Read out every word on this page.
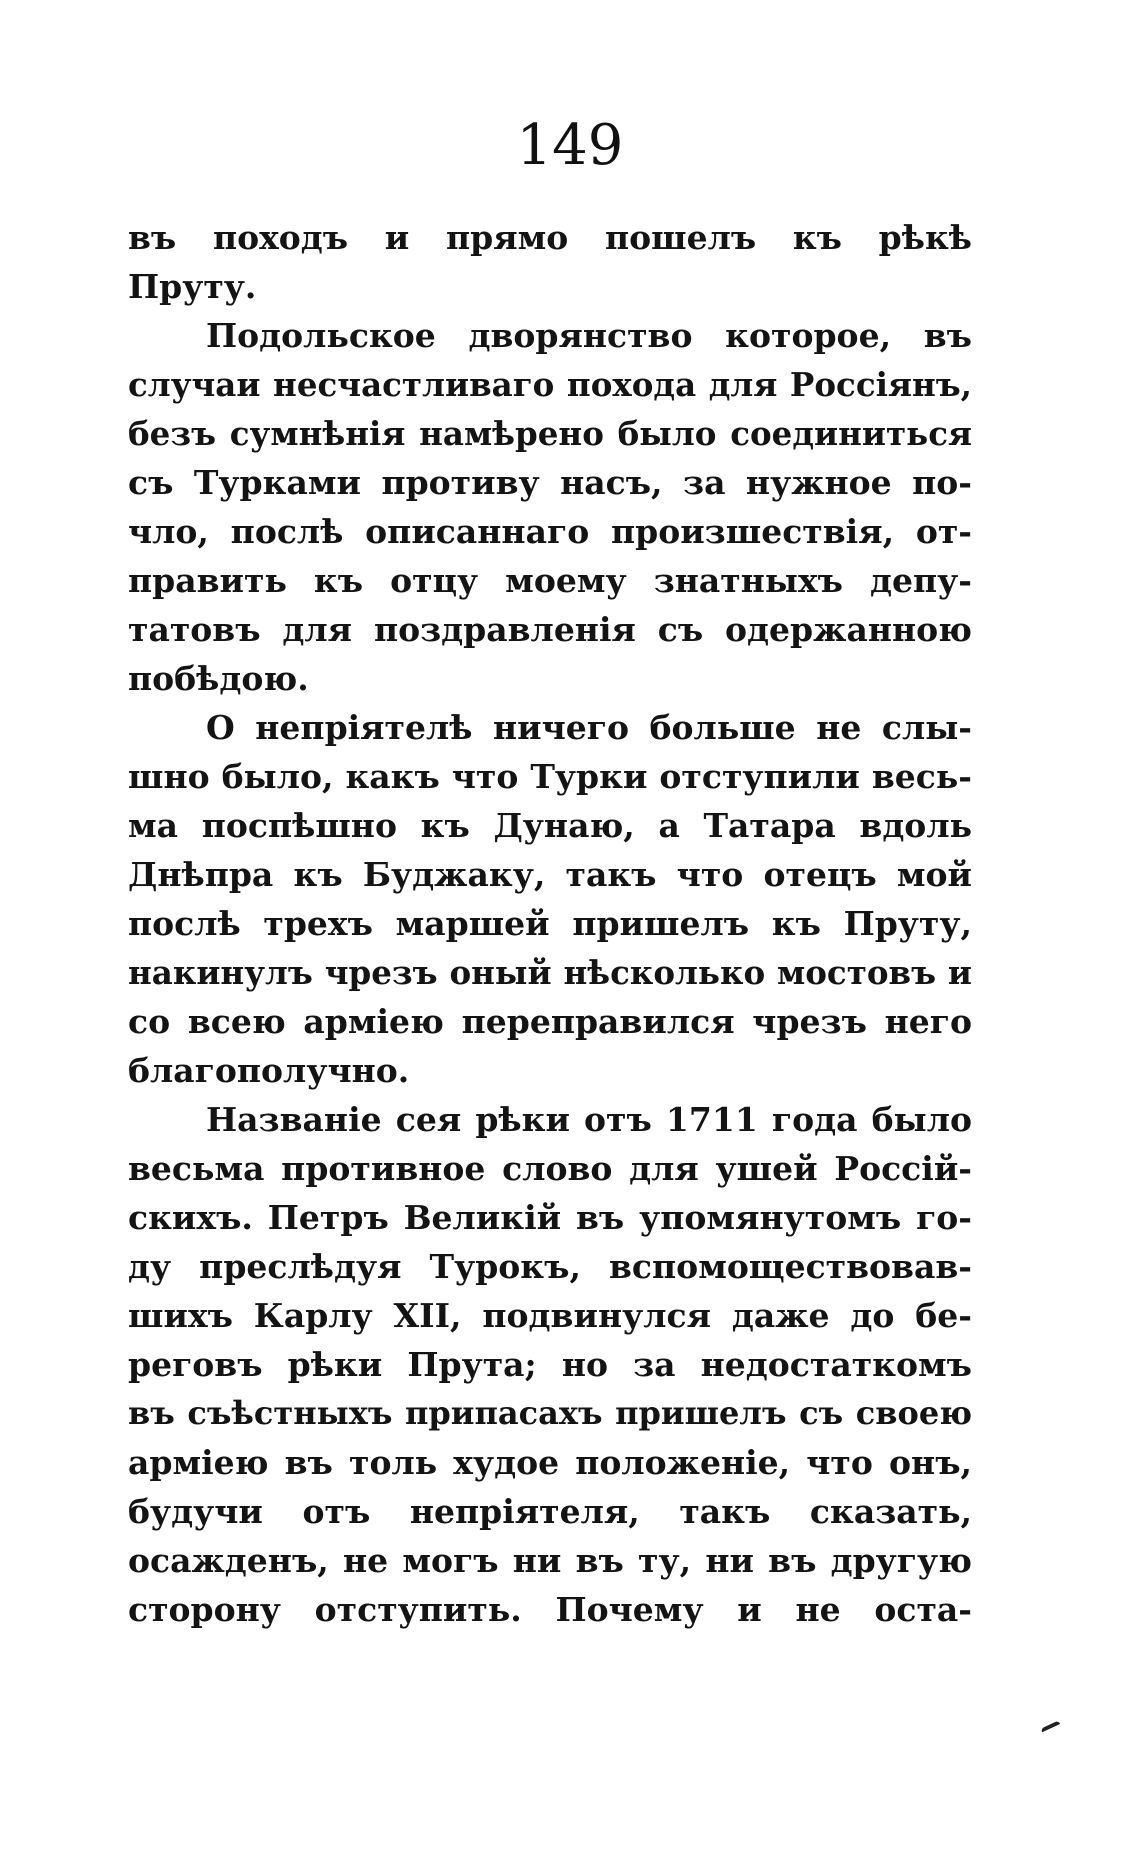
149
въ походъ и прямо пошелъ къ рѣкѣ
Пруту.
Подольское дворянство которое, въ
случаи несчастливаго похода для Россіянъ,
безъ сумнѣнія намѣрено было соединиться
съ Турками противу насъ, за нужное по-
чло, послѣ описаннаго произшествія, от-
править къ отцу моему знатныхъ депу-
татовъ для поздравленія съ одержанною
побѣдою.
О непріятелѣ ничего больше не слы-
шно было, какъ что Турки отступили весь-
ма поспѣшно къ Дунаю, а Татара вдоль
Днѣпра къ Буджаку, такъ что отецъ мой
послѣ трехъ маршей пришелъ къ Пруту,
накинулъ чрезъ оный нѣсколько мостовъ и
со всею арміею переправился чрезъ него
благополучно.
Названіе сея рѣки отъ 1711 года было
весьма противное слово для ушей Россій-
скихъ. Петръ Великій въ упомянутомъ го-
ду преслѣдуя Турокъ, вспомоществовав-
шихъ Карлу XII, подвинулся даже до бе-
реговъ рѣки Прута; но за недостаткомъ
въ съѣстныхъ припасахъ пришелъ съ своею
арміею въ толь худое положеніе, что онъ,
будучи отъ непріятеля, такъ сказать,
осажденъ, не могъ ни въ ту, ни въ другую
сторону отступить. Почему и не оста-
